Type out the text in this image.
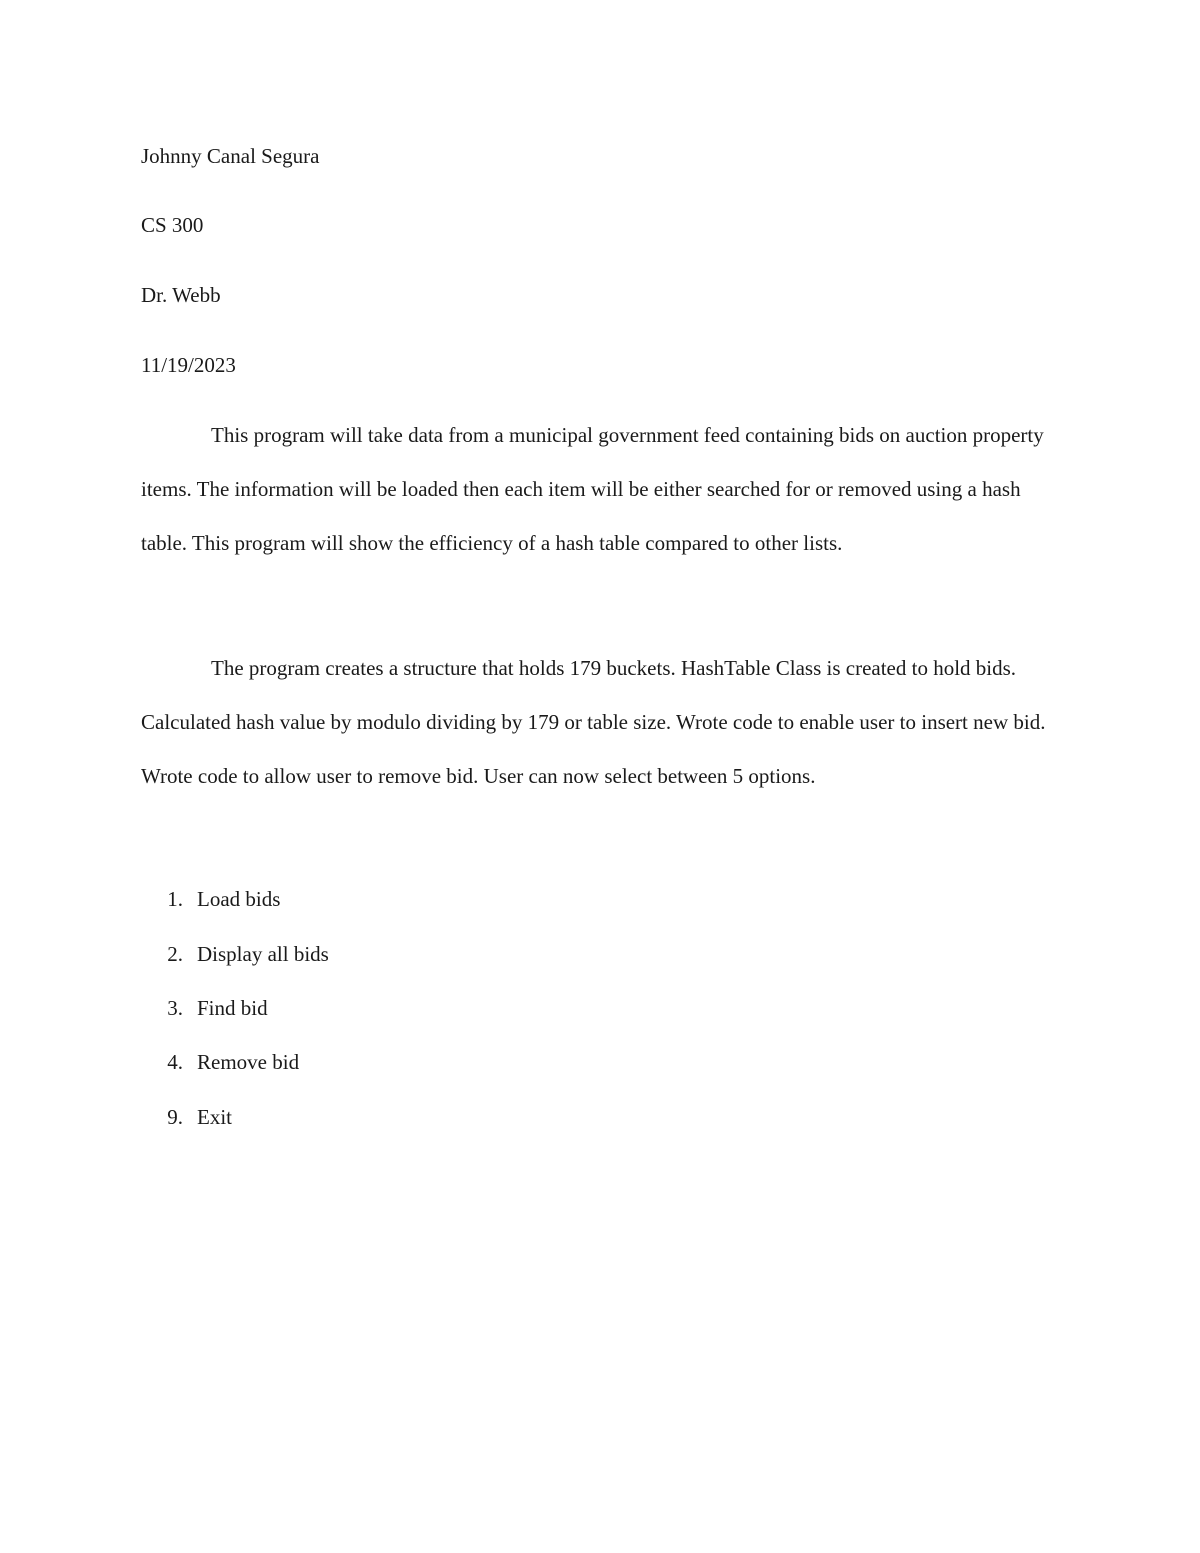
Johnny Canal Segura
CS 300
Dr. Webb
11/19/2023

This program will take data from a municipal government feed containing bids on auction property items. The information will be loaded then each item will be either searched for or removed using a hash table. This program will show the efficiency of a hash table compared to other lists.

The program creates a structure that holds 179 buckets. HashTable Class is created to hold bids. Calculated hash value by modulo dividing by 179 or table size. Wrote code to enable user to insert new bid. Wrote code to allow user to remove bid. User can now select between 5 options.

1. Load bids
2. Display all bids
3. Find bid
4. Remove bid
9. Exit
